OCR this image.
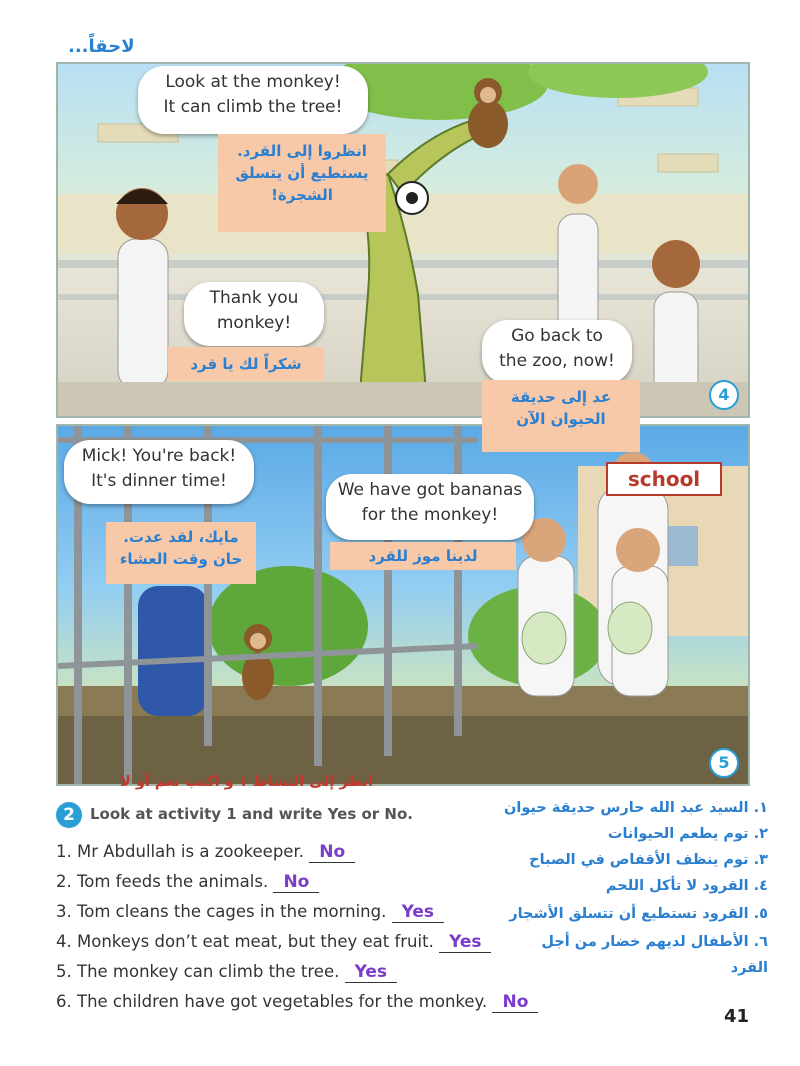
لاحقاً...
Look at the monkey!
It can climb the tree!
انظروا إلى القرد.
يستطيع أن يتسلق
الشجرة!
Thank you
monkey!
شكراً لك يا قرد
Go back to
the zoo, now!
4
عد إلى حديقة
الحيوان الآن
school
Mick! You're back!
It's dinner time!
مايك، لقد عدت.
حان وقت العشاء
We have got bananas
for the monkey!
لدينا موز للقرد
5
انظر إلى النشاط ١ و اكتب نعم أو لا
2	Look at activity 1 and write Yes or No.
1. Mr Abdullah is a zookeeper. No
2. Tom feeds the animals. No
3. Tom cleans the cages in the morning. Yes
4. Monkeys don’t eat meat, but they eat fruit. Yes
5. The monkey can climb the tree. Yes
6. The children have got vegetables for the monkey. No
١. السيد عبد الله حارس حديقة حيوان
٢. توم يطعم الحيوانات
٣. توم ينظف الأقفاص في الصباح
٤. القرود لا تأكل اللحم
٥. القرود تستطيع أن تتسلق الأشجار
٦. الأطفال لديهم خضار من أجل
القرد
41
